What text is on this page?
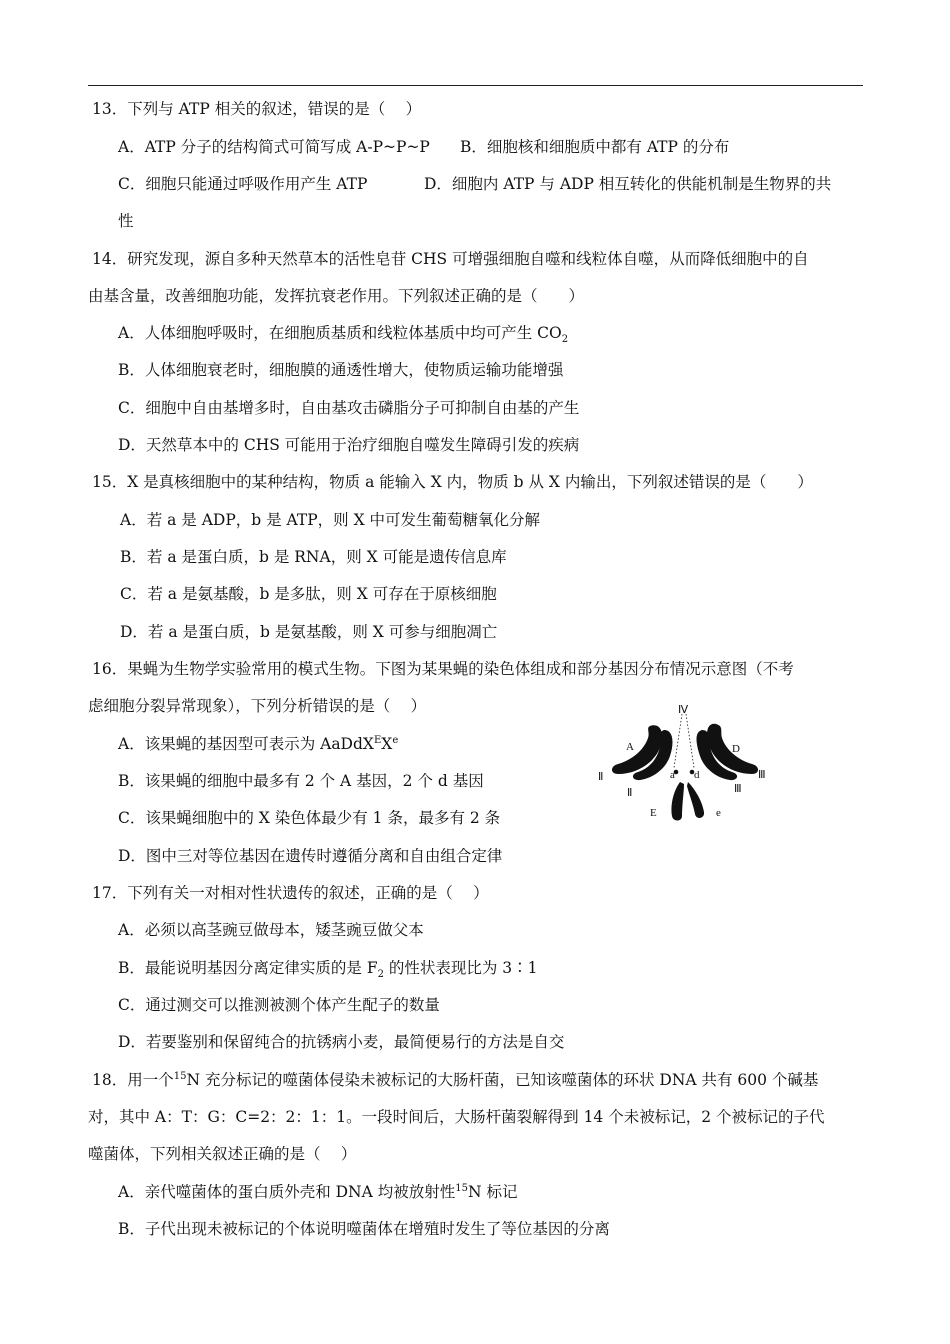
13．下列与 ATP 相关的叙述，错误的是（　 ）
A．ATP 分子的结构简式可简写成 A-P~P~P B．细胞核和细胞质中都有 ATP 的分布
C．细胞只能通过呼吸作用产生 ATP	D．细胞内 ATP 与 ADP 相互转化的供能机制是生物界的共
性
14．研究发现，源自多种天然草本的活性皂苷 CHS 可增强细胞自噬和线粒体自噬，从而降低细胞中的自
由基含量，改善细胞功能，发挥抗衰老作用。下列叙述正确的是（　　）
A．人体细胞呼吸时，在细胞质基质和线粒体基质中均可产生 $CO_2$
B．人体细胞衰老时，细胞膜的通透性增大，使物质运输功能增强
C．细胞中自由基增多时，自由基攻击磷脂分子可抑制自由基的产生
D．天然草本中的 CHS 可能用于治疗细胞自噬发生障碍引发的疾病
15．X 是真核细胞中的某种结构，物质 a 能输入 X 内，物质 b 从 X 内输出，下列叙述错误的是（　　）
A．若 a 是 ADP，b 是 ATP，则 X 中可发生葡萄糖氧化分解
B．若 a 是蛋白质，b 是 RNA，则 X 可能是遗传信息库
C．若 a 是氨基酸，b 是多肽，则 X 可存在于原核细胞
D．若 a 是蛋白质，b 是氨基酸，则 X 可参与细胞凋亡
16．果蝇为生物学实验常用的模式生物。下图为某果蝇的染色体组成和部分基因分布情况示意图（不考
虑细胞分裂异常现象），下列分析错误的是（　 ）
A．该果蝇的基因型可表示为 AaDdX$^E$Xe
B．该果蝇的细胞中最多有 2 个 A 基因，2 个 d 基因
C．该果蝇细胞中的 X 染色体最少有 1 条，最多有 2 条
D．图中三对等位基因在遗传时遵循分离和自由组合定律
Ⅳ
A
a d
D
Ⅱ
Ⅱ
Ⅲ
Ⅲ
E	e
17．下列有关一对相对性状遗传的叙述，正确的是（　 ）
A．必须以高茎豌豆做母本，矮茎豌豆做父本
B．最能说明基因分离定律实质的是 $F_2$ 的性状表现比为 3∶1
C．通过测交可以推测被测个体产生配子的数量
D．若要鉴别和保留纯合的抗锈病小麦，最简便易行的方法是自交
18．用一个$^{15}$N 充分标记的噬菌体侵染未被标记的大肠杆菌，已知该噬菌体的环状 DNA 共有 600 个碱基
对，其中 A：T：G：C=2：2：1：1。一段时间后，大肠杆菌裂解得到 14 个未被标记，2 个被标记的子代
噬菌体，下列相关叙述正确的是（　 ）
A．亲代噬菌体的蛋白质外壳和 DNA 均被放射性$^{15}$N 标记
B．子代出现未被标记的个体说明噬菌体在增殖时发生了等位基因的分离
